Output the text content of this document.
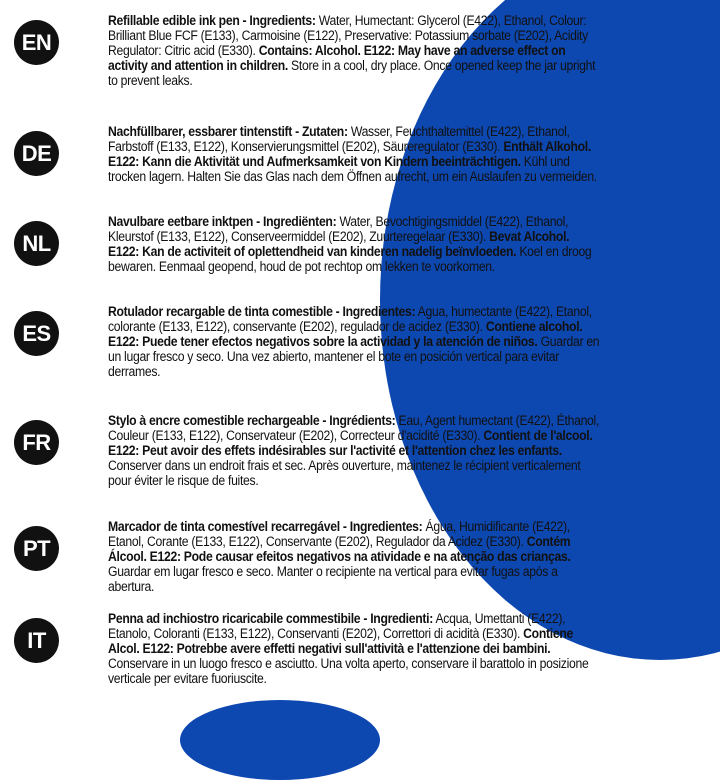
EN
Refillable edible ink pen - Ingredients: Water, Humectant: Glycerol (E422), Ethanol, Colour: Brilliant Blue FCF (E133), Carmoisine (E122), Preservative: Potassium sorbate (E202), Acidity Regulator: Citric acid (E330). Contains: Alcohol. E122: May have an adverse effect on activity and attention in children. Store in a cool, dry place. Once opened keep the jar upright to prevent leaks.
DE
Nachfüllbarer, essbarer tintenstift - Zutaten: Wasser, Feuchthaltemittel (E422), Ethanol, Farbstoff (E133, E122), Konservierungsmittel (E202), Säureregulator (E330). Enthält Alkohol. E122: Kann die Aktivität und Aufmerksamkeit von Kindern beeinträchtigen. Kühl und trocken lagern. Halten Sie das Glas nach dem Öffnen aufrecht, um ein Auslaufen zu vermeiden.
NL
Navulbare eetbare inktpen - Ingrediënten: Water, Bevochtigingsmiddel (E422), Ethanol, Kleurstof (E133, E122), Conserveermiddel (E202), Zuurteregelaar (E330). Bevat Alcohol. E122: Kan de activiteit of oplettendheid van kinderen nadelig beïnvloeden. Koel en droog bewaren. Eenmaal geopend, houd de pot rechtop om lekken te voorkomen.
ES
Rotulador recargable de tinta comestible - Ingredientes: Agua, humectante (E422), Etanol, colorante (E133, E122), conservante (E202), regulador de acidez (E330). Contiene alcohol. E122: Puede tener efectos negativos sobre la actividad y la atención de niños. Guardar en un lugar fresco y seco. Una vez abierto, mantener el bote en posición vertical para evitar derrames.
FR
Stylo à encre comestible rechargeable - Ingrédients: Eau, Agent humectant (E422), Éthanol, Couleur (E133, E122), Conservateur (E202), Correcteur d'acidité (E330). Contient de l'alcool. E122: Peut avoir des effets indésirables sur l'activité et l'attention chez les enfants. Conserver dans un endroit frais et sec. Après ouverture, maintenez le récipient verticalement pour éviter le risque de fuites.
PT
Marcador de tinta comestível recarregável - Ingredientes: Água, Humidificante (E422), Etanol, Corante (E133, E122), Conservante (E202), Regulador da Acidez (E330). Contém Álcool. E122: Pode causar efeitos negativos na atividade e na atenção das crianças. Guardar em lugar fresco e seco. Manter o recipiente na vertical para evitar fugas após a abertura.
IT
Penna ad inchiostro ricaricabile commestibile - Ingredienti: Acqua, Umettanti (E422), Etanolo, Coloranti (E133, E122), Conservanti (E202), Correttori di acidità (E330). Contiene Alcol. E122: Potrebbe avere effetti negativi sull'attività e l'attenzione dei bambini. Conservare in un luogo fresco e asciutto. Una volta aperto, conservare il barattolo in posizione verticale per evitare fuoriuscite.
